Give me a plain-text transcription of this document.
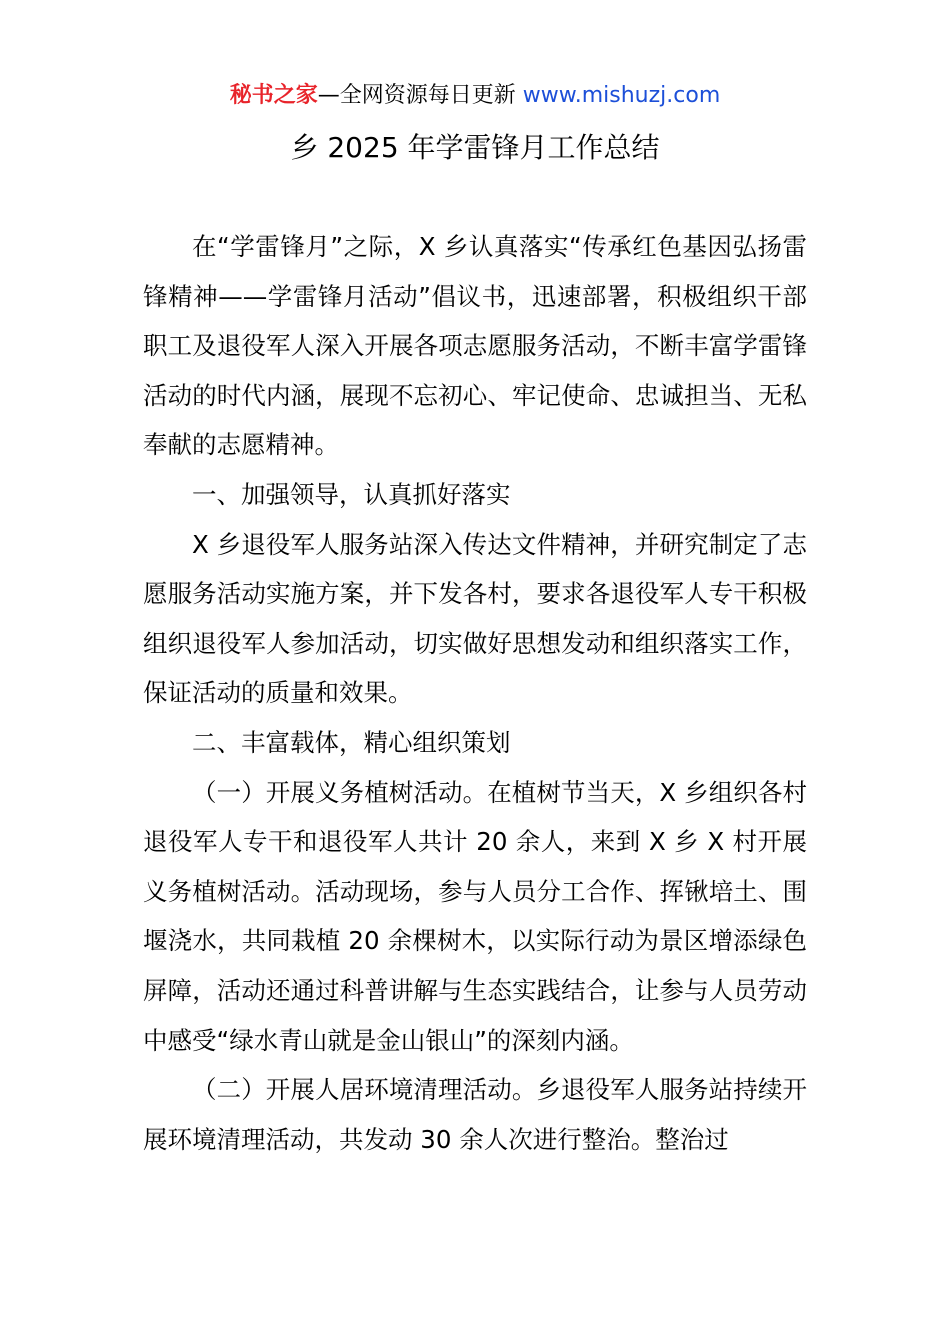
秘书之家—全网资源每日更新 www.mishuzj.com
乡 2025 年学雷锋月工作总结

在“学雷锋月”之际，X 乡认真落实“传承红色基因弘扬雷锋精神——学雷锋月活动”倡议书，迅速部署，积极组织干部职工及退役军人深入开展各项志愿服务活动，不断丰富学雷锋活动的时代内涵，展现不忘初心、牢记使命、忠诚担当、无私奉献的志愿精神。

一、加强领导，认真抓好落实

X 乡退役军人服务站深入传达文件精神，并研究制定了志愿服务活动实施方案，并下发各村，要求各退役军人专干积极组织退役军人参加活动，切实做好思想发动和组织落实工作，保证活动的质量和效果。

二、丰富载体，精心组织策划

（一）开展义务植树活动。在植树节当天，X 乡组织各村退役军人专干和退役军人共计 20 余人，来到 X 乡 X 村开展义务植树活动。活动现场，参与人员分工合作、挥锹培土、围堰浇水，共同栽植 20 余棵树木，以实际行动为景区增添绿色屏障，活动还通过科普讲解与生态实践结合，让参与人员劳动中感受“绿水青山就是金山银山”的深刻内涵。

（二）开展人居环境清理活动。乡退役军人服务站持续开展环境清理活动，共发动 30 余人次进行整治。整治过
